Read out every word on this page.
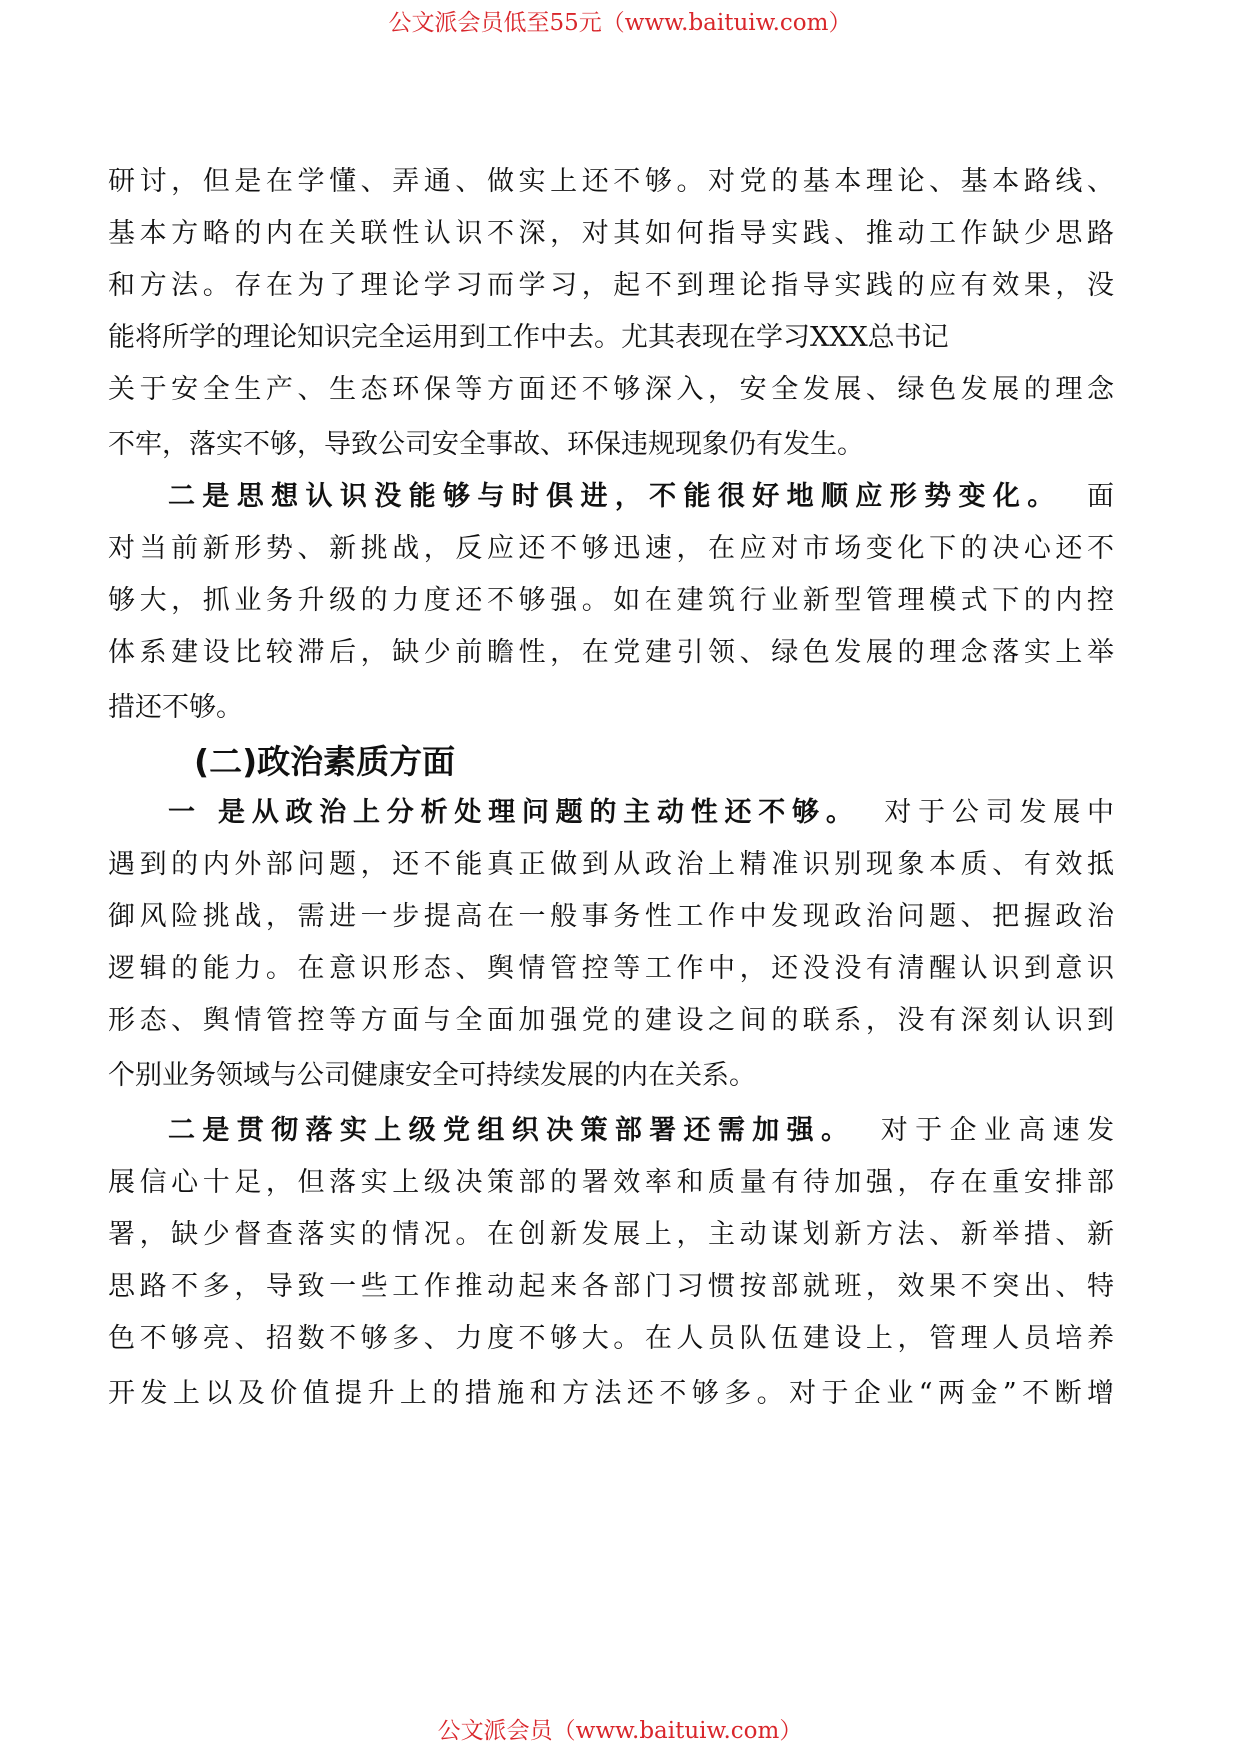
公文派会员低至55元（www.baituiw.com）
研讨，但是在学懂、弄通、做实上还不够。对党的基本理论、基本路线、
基本方略的内在关联性认识不深，对其如何指导实践、推动工作缺少思路
和方法。存在为了理论学习而学习，起不到理论指导实践的应有效果，没
能将所学的理论知识完全运用到工作中去。尤其表现在学习XXX总书记
关于安全生产、生态环保等方面还不够深入，安全发展、绿色发展的理念
不牢，落实不够，导致公司安全事故、环保违规现象仍有发生。
二是思想认识没能够与时俱进，不能很好地顺应形势变化。 面
对当前新形势、新挑战，反应还不够迅速，在应对市场变化下的决心还不
够大，抓业务升级的力度还不够强。如在建筑行业新型管理模式下的内控
体系建设比较滞后，缺少前瞻性，在党建引领、绿色发展的理念落实上举
措还不够。
(二)政治素质方面
一 是从政治上分析处理问题的主动性还不够。 对于公司发展中
遇到的内外部问题，还不能真正做到从政治上精准识别现象本质、有效抵
御风险挑战，需进一步提高在一般事务性工作中发现政治问题、把握政治
逻辑的能力。在意识形态、舆情管控等工作中，还没没有清醒认识到意识
形态、舆情管控等方面与全面加强党的建设之间的联系，没有深刻认识到
个别业务领域与公司健康安全可持续发展的内在关系。
二是贯彻落实上级党组织决策部署还需加强。 对于企业高速发
展信心十足，但落实上级决策部的署效率和质量有待加强，存在重安排部
署，缺少督查落实的情况。在创新发展上，主动谋划新方法、新举措、新
思路不多，导致一些工作推动起来各部门习惯按部就班，效果不突出、特
色不够亮、招数不够多、力度不够大。在人员队伍建设上，管理人员培养
开发上以及价值提升上的措施和方法还不够多。对于企业“两金”不断增
公文派会员（www.baituiw.com）
